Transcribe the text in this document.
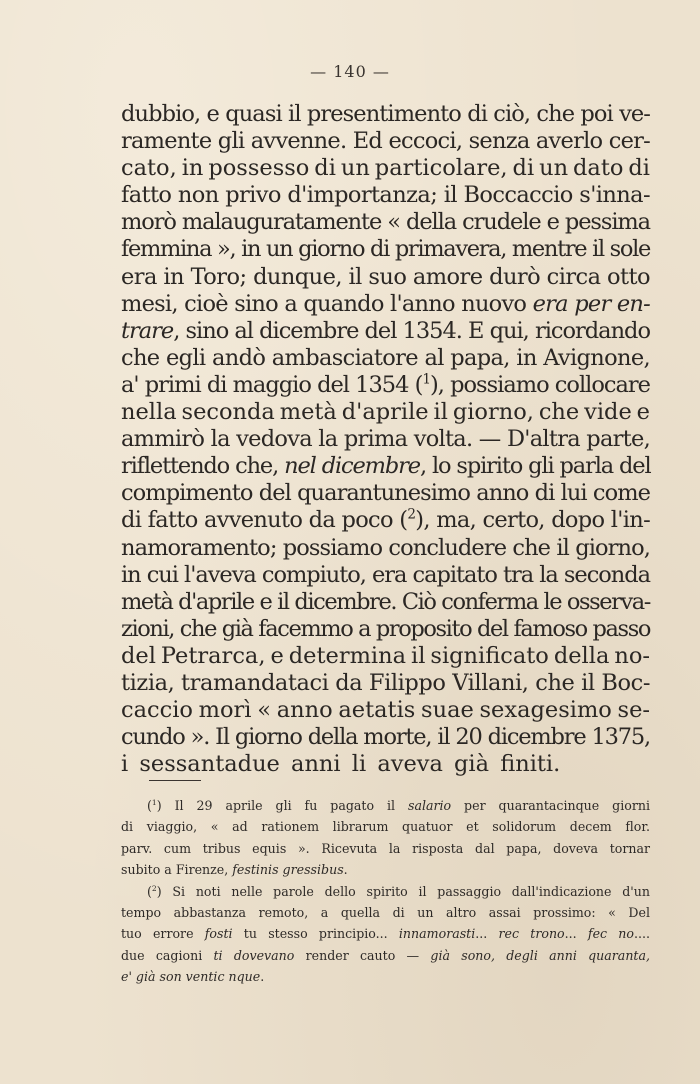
— 140 —
dubbio, e quasi il presentimento di ciò, che poi ve-
ramente gli avvenne. Ed eccoci, senza averlo cer-
cato, in possesso di un particolare, di un dato di
fatto non privo d'importanza; il Boccaccio s'inna-
morò malauguratamente « della crudele e pessima
femmina », in un giorno di primavera, mentre il sole
era in Toro; dunque, il suo amore durò circa otto
mesi, cioè sino a quando l'anno nuovo era per en-
trare, sino al dicembre del 1354. E qui, ricordando
che egli andò ambasciatore al papa, in Avignone,
a' primi di maggio del 1354 ($^1$), possiamo collocare
nella seconda metà d'aprile il giorno, che vide e
ammirò la vedova la prima volta. — D'altra parte,
riflettendo che, nel dicembre, lo spirito gli parla del
compimento del quarantunesimo anno di lui come
di fatto avvenuto da poco ($^2$), ma, certo, dopo l'in-
namoramento; possiamo concludere che il giorno,
in cui l'aveva compiuto, era capitato tra la seconda
metà d'aprile e il dicembre. Ciò conferma le osserva-
zioni, che già facemmo a proposito del famoso passo
del Petrarca, e determina il significato della no-
tizia, tramandataci da Filippo Villani, che il Boc-
caccio morì « anno aetatis suae sexagesimo se-
cundo ». Il giorno della morte, il 20 dicembre 1375,
i sessantadue anni li aveva già finiti.
($^1$) Il 29 aprile gli fu pagato il salario per quarantacinque giorni
di viaggio, « ad rationem librarum quatuor et solidorum decem flor.
parv. cum tribus equis ». Ricevuta la risposta dal papa, doveva tornar
subito a Firenze, festinis gressibus.
($^2$) Si noti nelle parole dello spirito il passaggio dall'indicazione d'un
tempo abbastanza remoto, a quella di un altro assai prossimo: « Del
tuo errore fosti tu stesso principio... innamorasti... rec trono... fec no....
due cagioni ti dovevano render cauto — già sono, degli anni quaranta,
e' già son ventic nque.
